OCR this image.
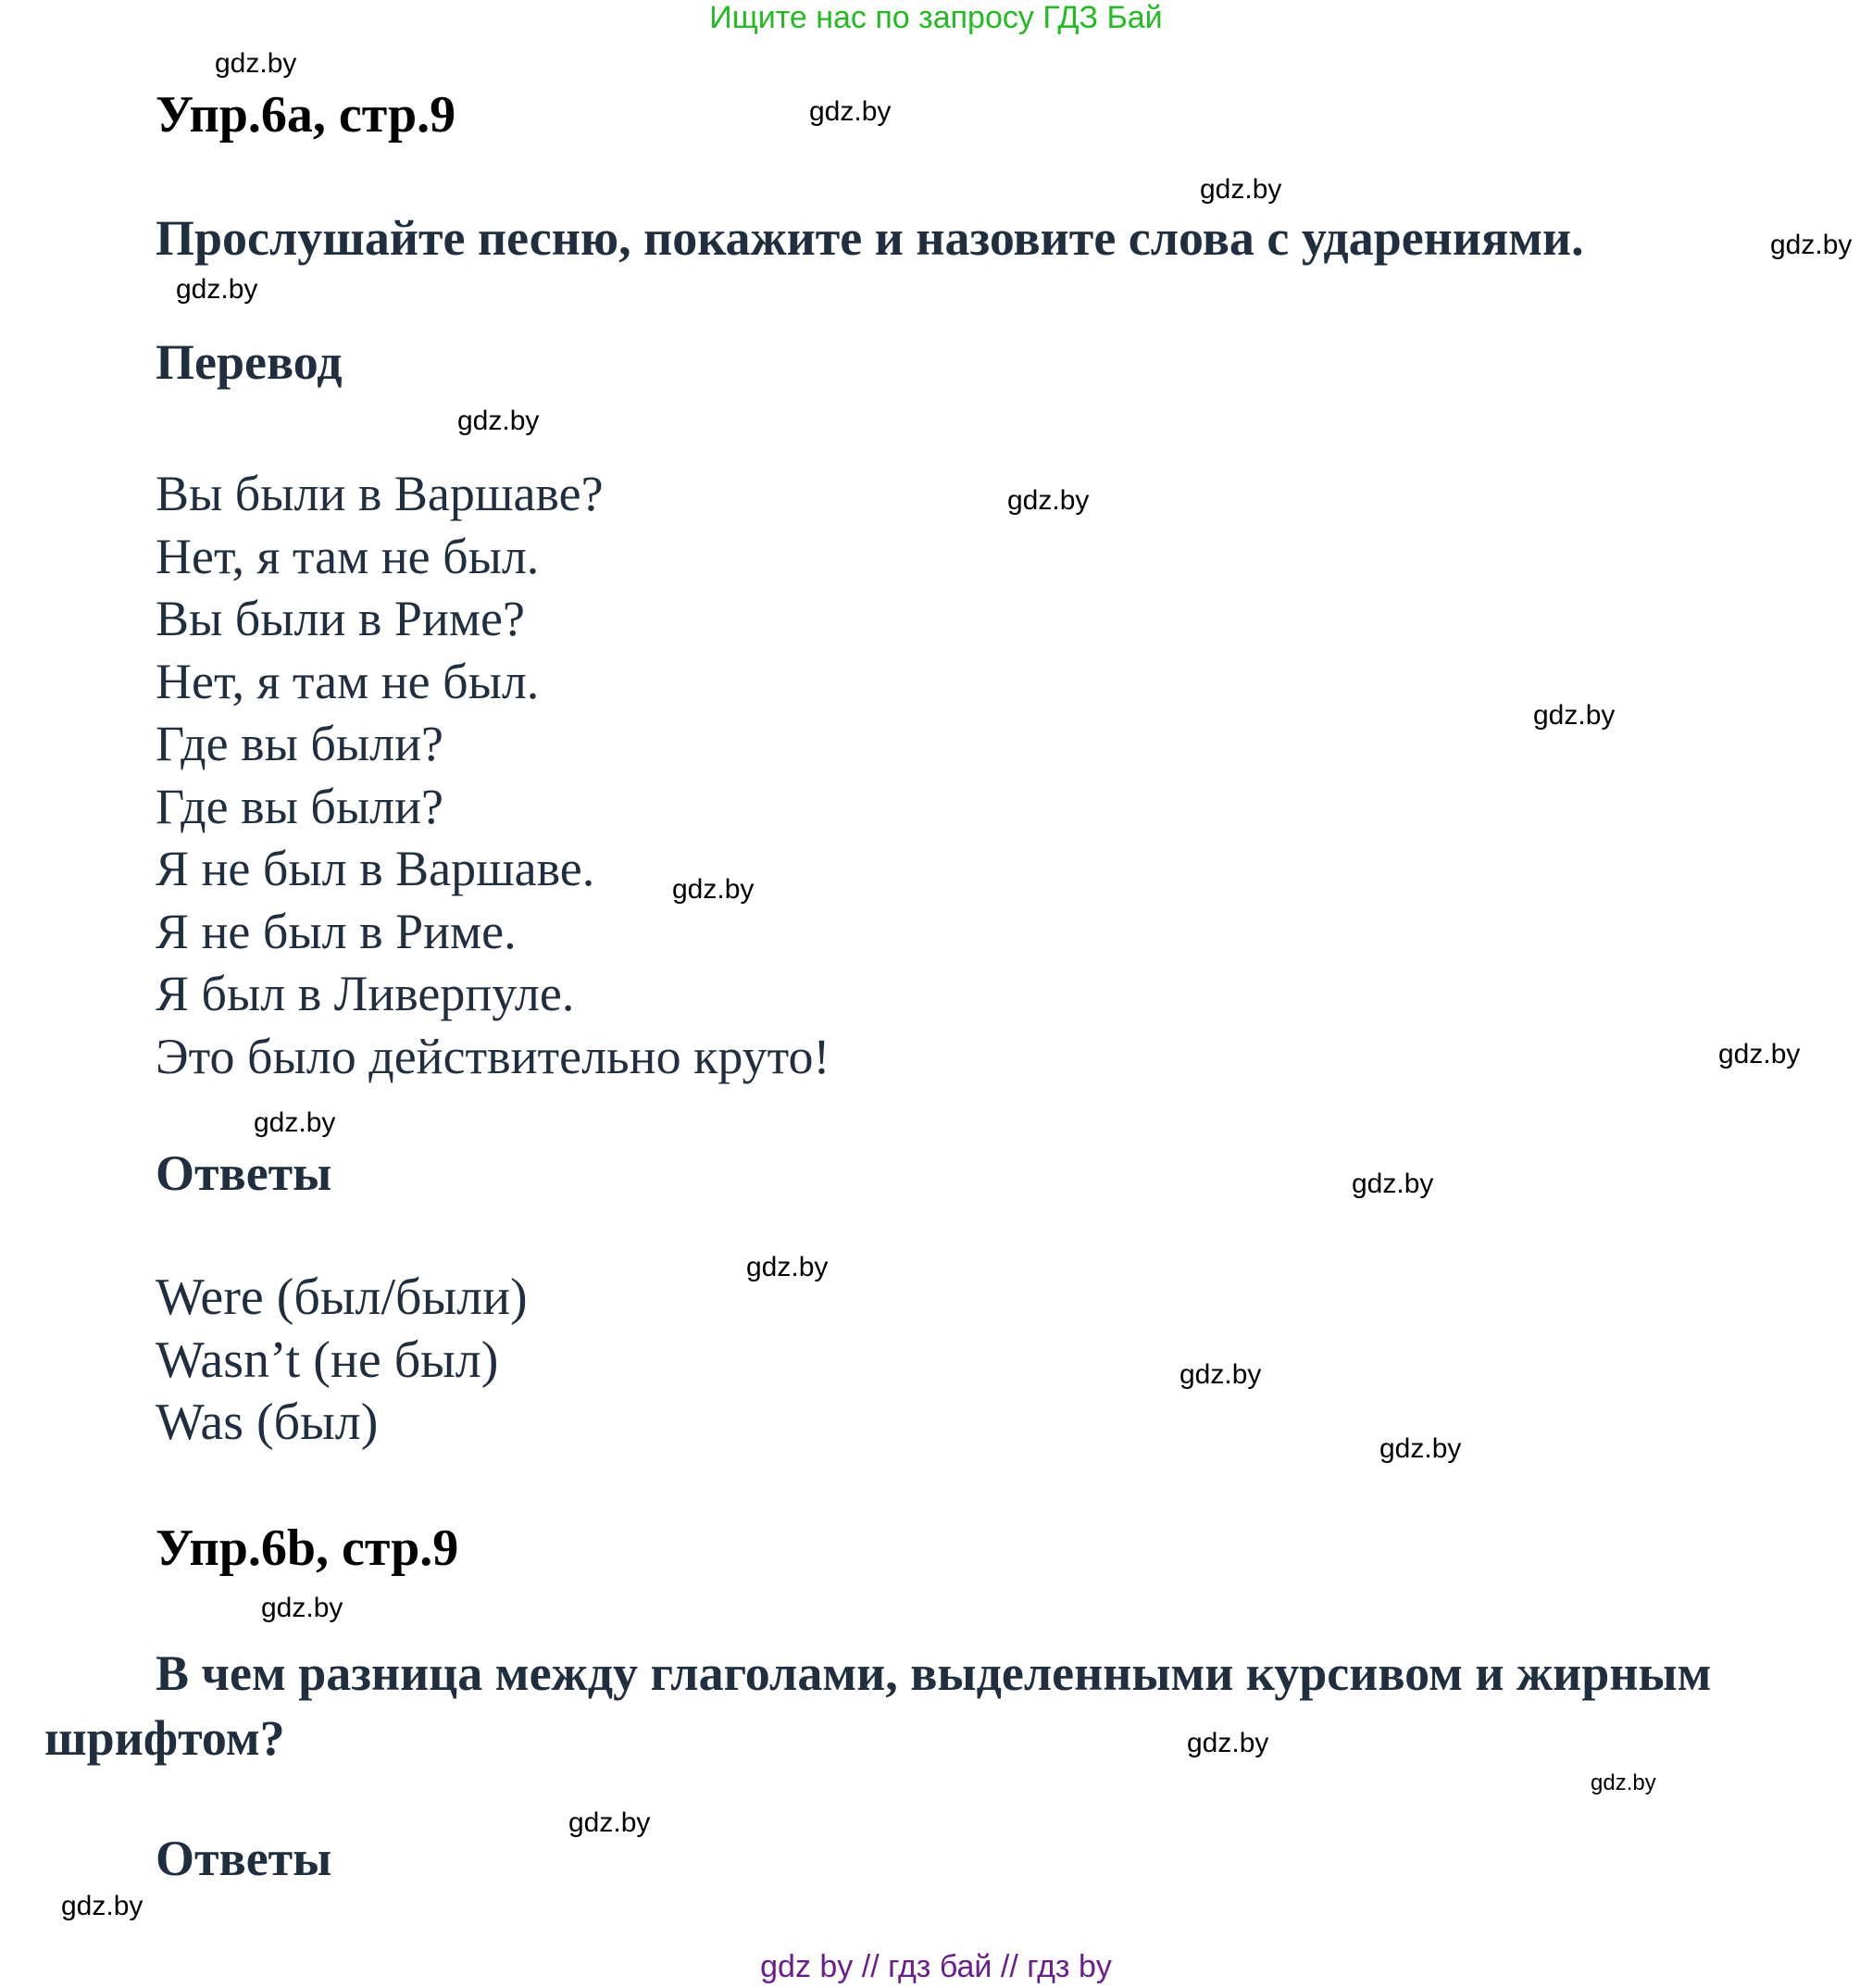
Ищите нас по запросу ГДЗ Бай
Упр.6а, стр.9
Прослушайте песню, покажите и назовите слова с ударениями.
Перевод
Вы были в Варшаве?
Нет, я там не был.
Вы были в Риме?
Нет, я там не был.
Где вы были?
Где вы были?
Я не был в Варшаве.
Я не был в Риме.
Я был в Ливерпуле.
Это было действительно круто!
Ответы
Were (был/были)
Wasn’t (не был)
Was (был)
Упр.6b, стр.9
В чем разница между глаголами, выделенными курсивом и жирным шрифтом?
Ответы
gdz.by
gdz.by
gdz.by
gdz.by
gdz.by
gdz.by
gdz.by
gdz.by
gdz.by
gdz.by
gdz.by
gdz.by
gdz.by
gdz.by
gdz.by
gdz.by
gdz.by
gdz.by
gdz.by
gdz.by
gdz by // гдз бай // гдз by
